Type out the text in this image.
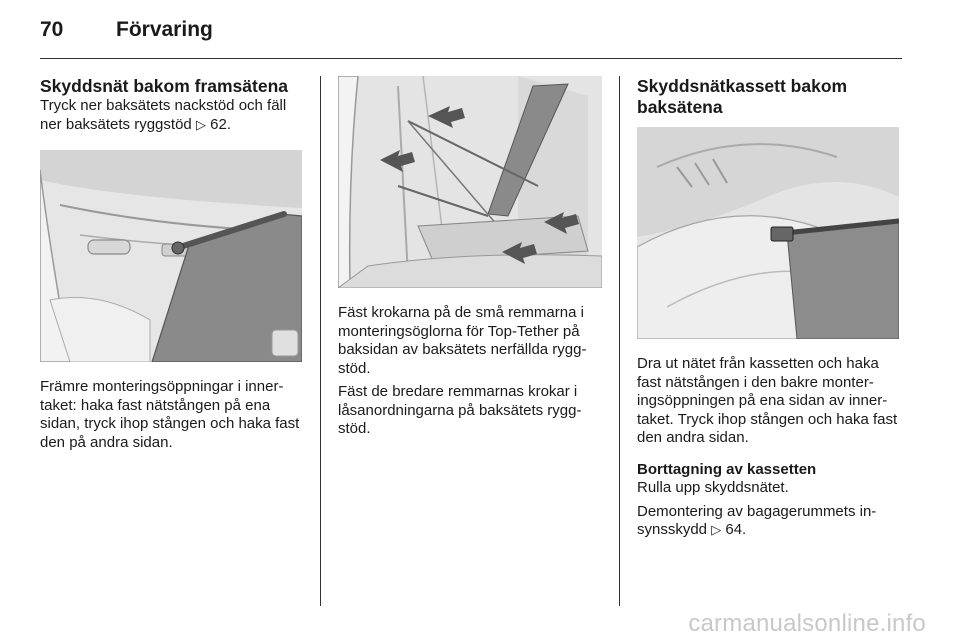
70	Förvaring
Skyddsnät bakom framsätena

Tryck ner baksätets nackstöd och fäll ner baksätets ryggstöd ▷ 62.

Främre monteringsöppningar i inner-taket: haka fast nätstången på ena sidan, tryck ihop stången och haka fast den på andra sidan.

Fäst krokarna på de små remmarna i monteringsöglorna för Top-Tether på baksidan av baksätets nerfällda rygg-stöd.

Fäst de bredare remmarnas krokar i låsanordningarna på baksätets rygg-stöd.

Skyddsnätkassett bakom baksätena

Dra ut nätet från kassetten och haka fast nätstången i den bakre monter-ingsöppningen på ena sidan av inner-taket. Tryck ihop stången och haka fast den andra sidan.

Borttagning av kassetten

Rulla upp skyddsnätet.

Demontering av bagagerummets in-synsskydd ▷ 64.

carmanualsonline.info
